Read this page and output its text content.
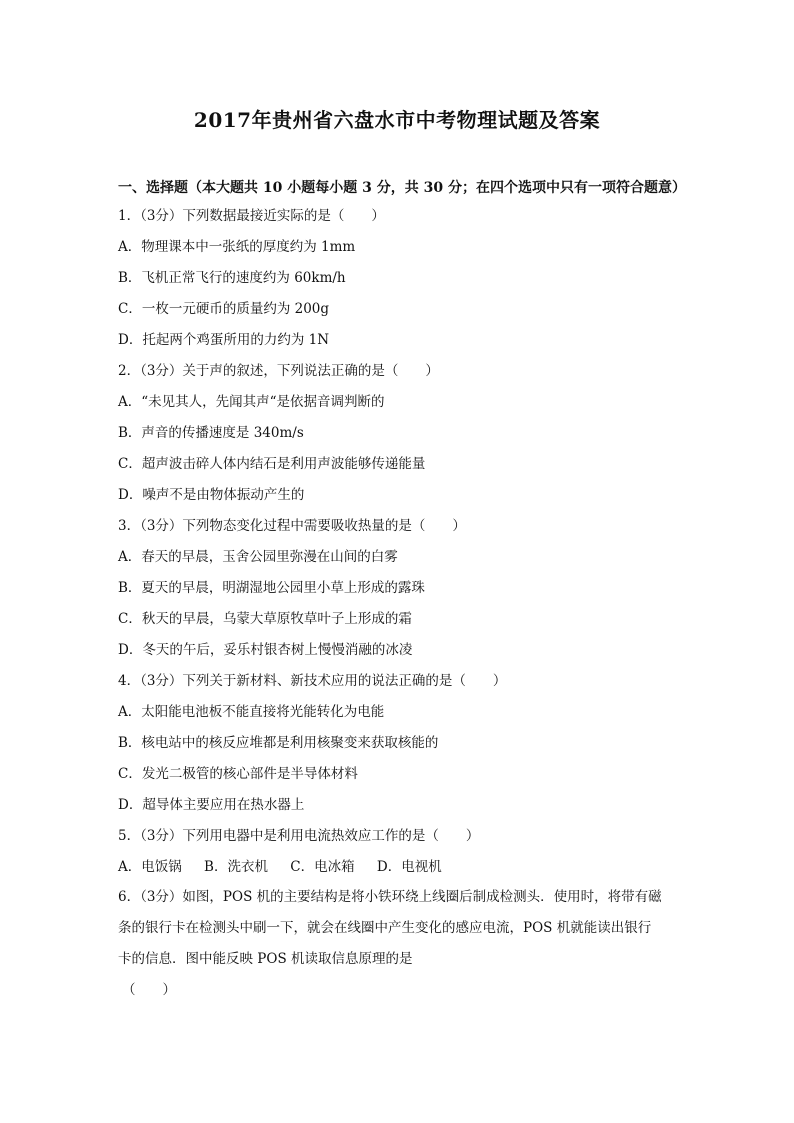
2017年贵州省六盘水市中考物理试题及答案
一、选择题（本大题共 10 小题每小题 3 分，共 30 分；在四个选项中只有一项符合题意）
1．（3分）下列数据最接近实际的是（　　）
A．物理课本中一张纸的厚度约为 1mm
B．飞机正常飞行的速度约为 60km/h
C．一枚一元硬币的质量约为 200g
D．托起两个鸡蛋所用的力约为 1N
2．（3分）关于声的叙述，下列说法正确的是（　　）
A．“未见其人，先闻其声“是依据音调判断的
B．声音的传播速度是 340m/s
C．超声波击碎人体内结石是利用声波能够传递能量
D．噪声不是由物体振动产生的
3．（3分）下列物态变化过程中需要吸收热量的是（　　）
A．春天的早晨，玉舍公园里弥漫在山间的白雾
B．夏天的早晨，明湖湿地公园里小草上形成的露珠
C．秋天的早晨，乌蒙大草原牧草叶子上形成的霜
D．冬天的午后，妥乐村银杏树上慢慢消融的冰凌
4．（3分）下列关于新材料、新技术应用的说法正确的是（　　）
A．太阳能电池板不能直接将光能转化为电能
B．核电站中的核反应堆都是利用核聚变来获取核能的
C．发光二极管的核心部件是半导体材料
D．超导体主要应用在热水器上
5．（3分）下列用电器中是利用电流热效应工作的是（　　）
A．电饭锅 B．洗衣机 C．电冰箱 D．电视机
6．（3分）如图，POS 机的主要结构是将小铁环绕上线圈后制成检测头．使用时，将带有磁
条的银行卡在检测头中刷一下，就会在线圈中产生变化的感应电流，POS 机就能读出银行
卡的信息．图中能反映 POS 机读取信息原理的是
（　　）
